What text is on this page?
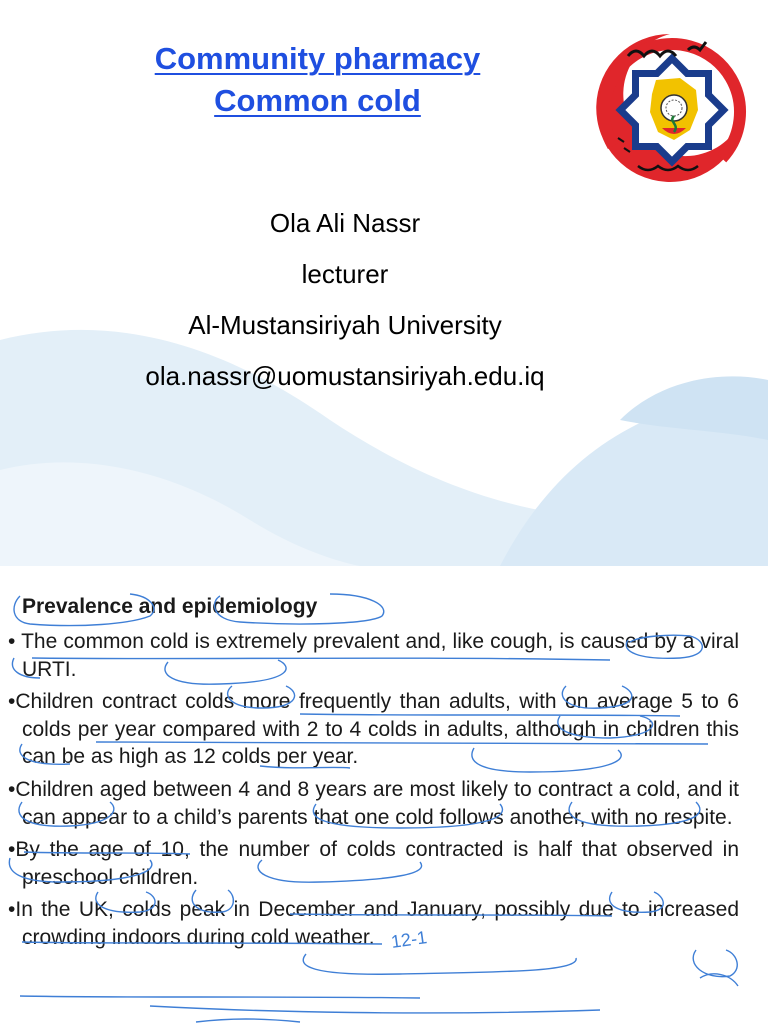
Community pharmacy
Common cold
Ola Ali Nassr
lecturer
Al-Mustansiriyah University
ola.nassr@uomustansiriyah.edu.iq
Prevalence and epidemiology
• The common cold is extremely prevalent and, like cough, is caused by a viral URTI.
•Children contract colds more frequently than adults, with on average 5 to 6 colds per year compared with 2 to 4 colds in adults, although in children this can be as high as 12 colds per year.
•Children aged between 4 and 8 years are most likely to contract a cold, and it can appear to a child’s parents that one cold follows another, with no respite.
•By the age of 10, the number of colds contracted is half that observed in preschool children.
•In the UK, colds peak in December and January, possibly due to increased crowding indoors during cold weather. 12-1
